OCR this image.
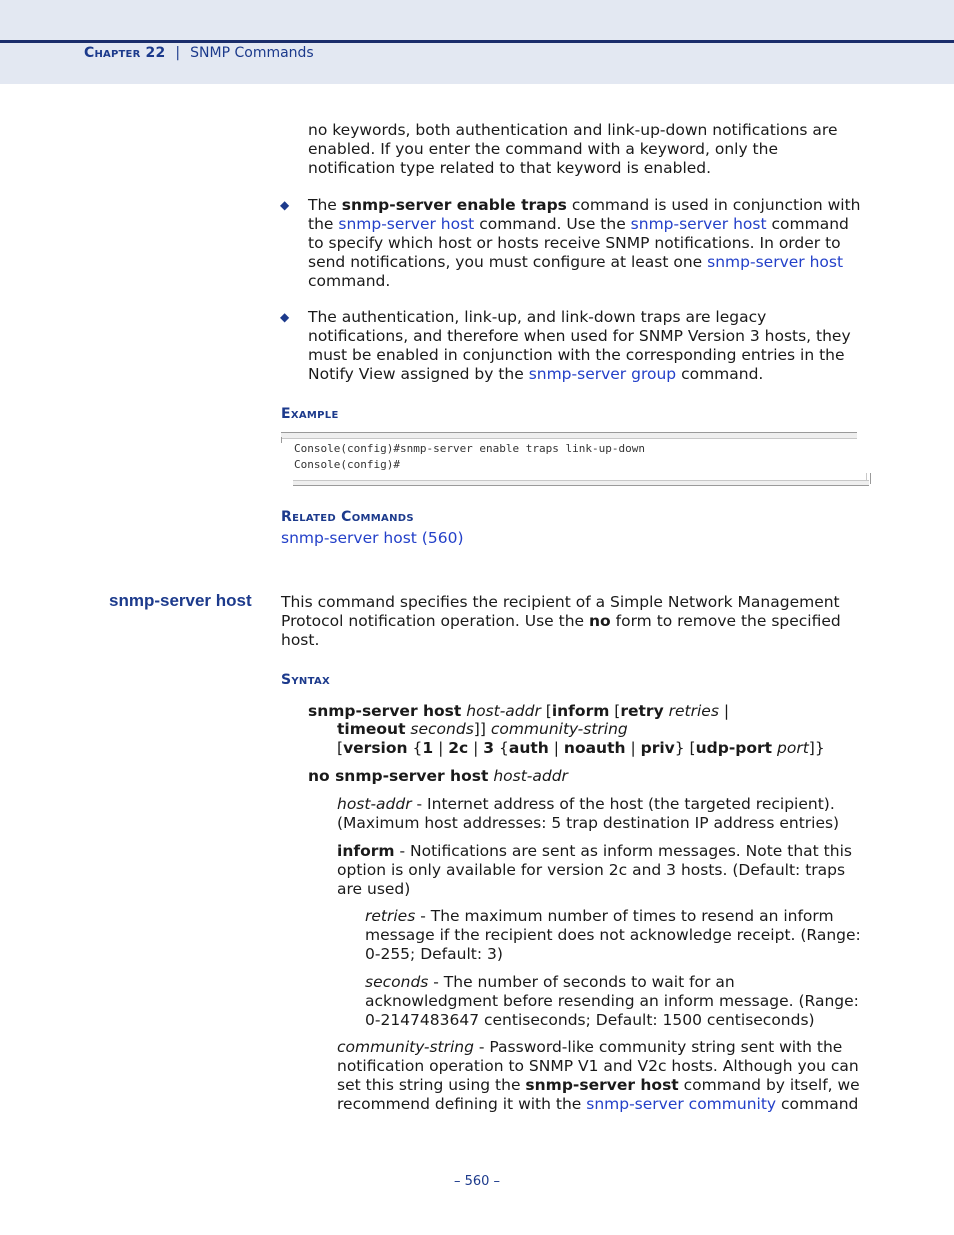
Chapter 22 | SNMP Commands
no keywords, both authentication and link-up-down notifications are
enabled. If you enter the command with a keyword, only the
notification type related to that keyword is enabled.
◆ The snmp-server enable traps command is used in conjunction with
the snmp-server host command. Use the snmp-server host command
to specify which host or hosts receive SNMP notifications. In order to
send notifications, you must configure at least one snmp-server host
command.
◆ The authentication, link-up, and link-down traps are legacy
notifications, and therefore when used for SNMP Version 3 hosts, they
must be enabled in conjunction with the corresponding entries in the
Notify View assigned by the snmp-server group command.
Example
Console(config)#snmp-server enable traps link-up-down
Console(config)#
Related Commands
snmp-server host (560)
snmp-server host This command specifies the recipient of a Simple Network Management
Protocol notification operation. Use the no form to remove the specified
host.
Syntax
snmp-server host host-addr [inform [retry retries |
timeout seconds]] community-string
[version {1 | 2c | 3 {auth | noauth | priv} [udp-port port]}
no snmp-server host host-addr
host-addr - Internet address of the host (the targeted recipient).
(Maximum host addresses: 5 trap destination IP address entries)
inform - Notifications are sent as inform messages. Note that this
option is only available for version 2c and 3 hosts. (Default: traps
are used)
retries - The maximum number of times to resend an inform
message if the recipient does not acknowledge receipt. (Range:
0-255; Default: 3)
seconds - The number of seconds to wait for an
acknowledgment before resending an inform message. (Range:
0-2147483647 centiseconds; Default: 1500 centiseconds)
community-string - Password-like community string sent with the
notification operation to SNMP V1 and V2c hosts. Although you can
set this string using the snmp-server host command by itself, we
recommend defining it with the snmp-server community command
– 560 –
